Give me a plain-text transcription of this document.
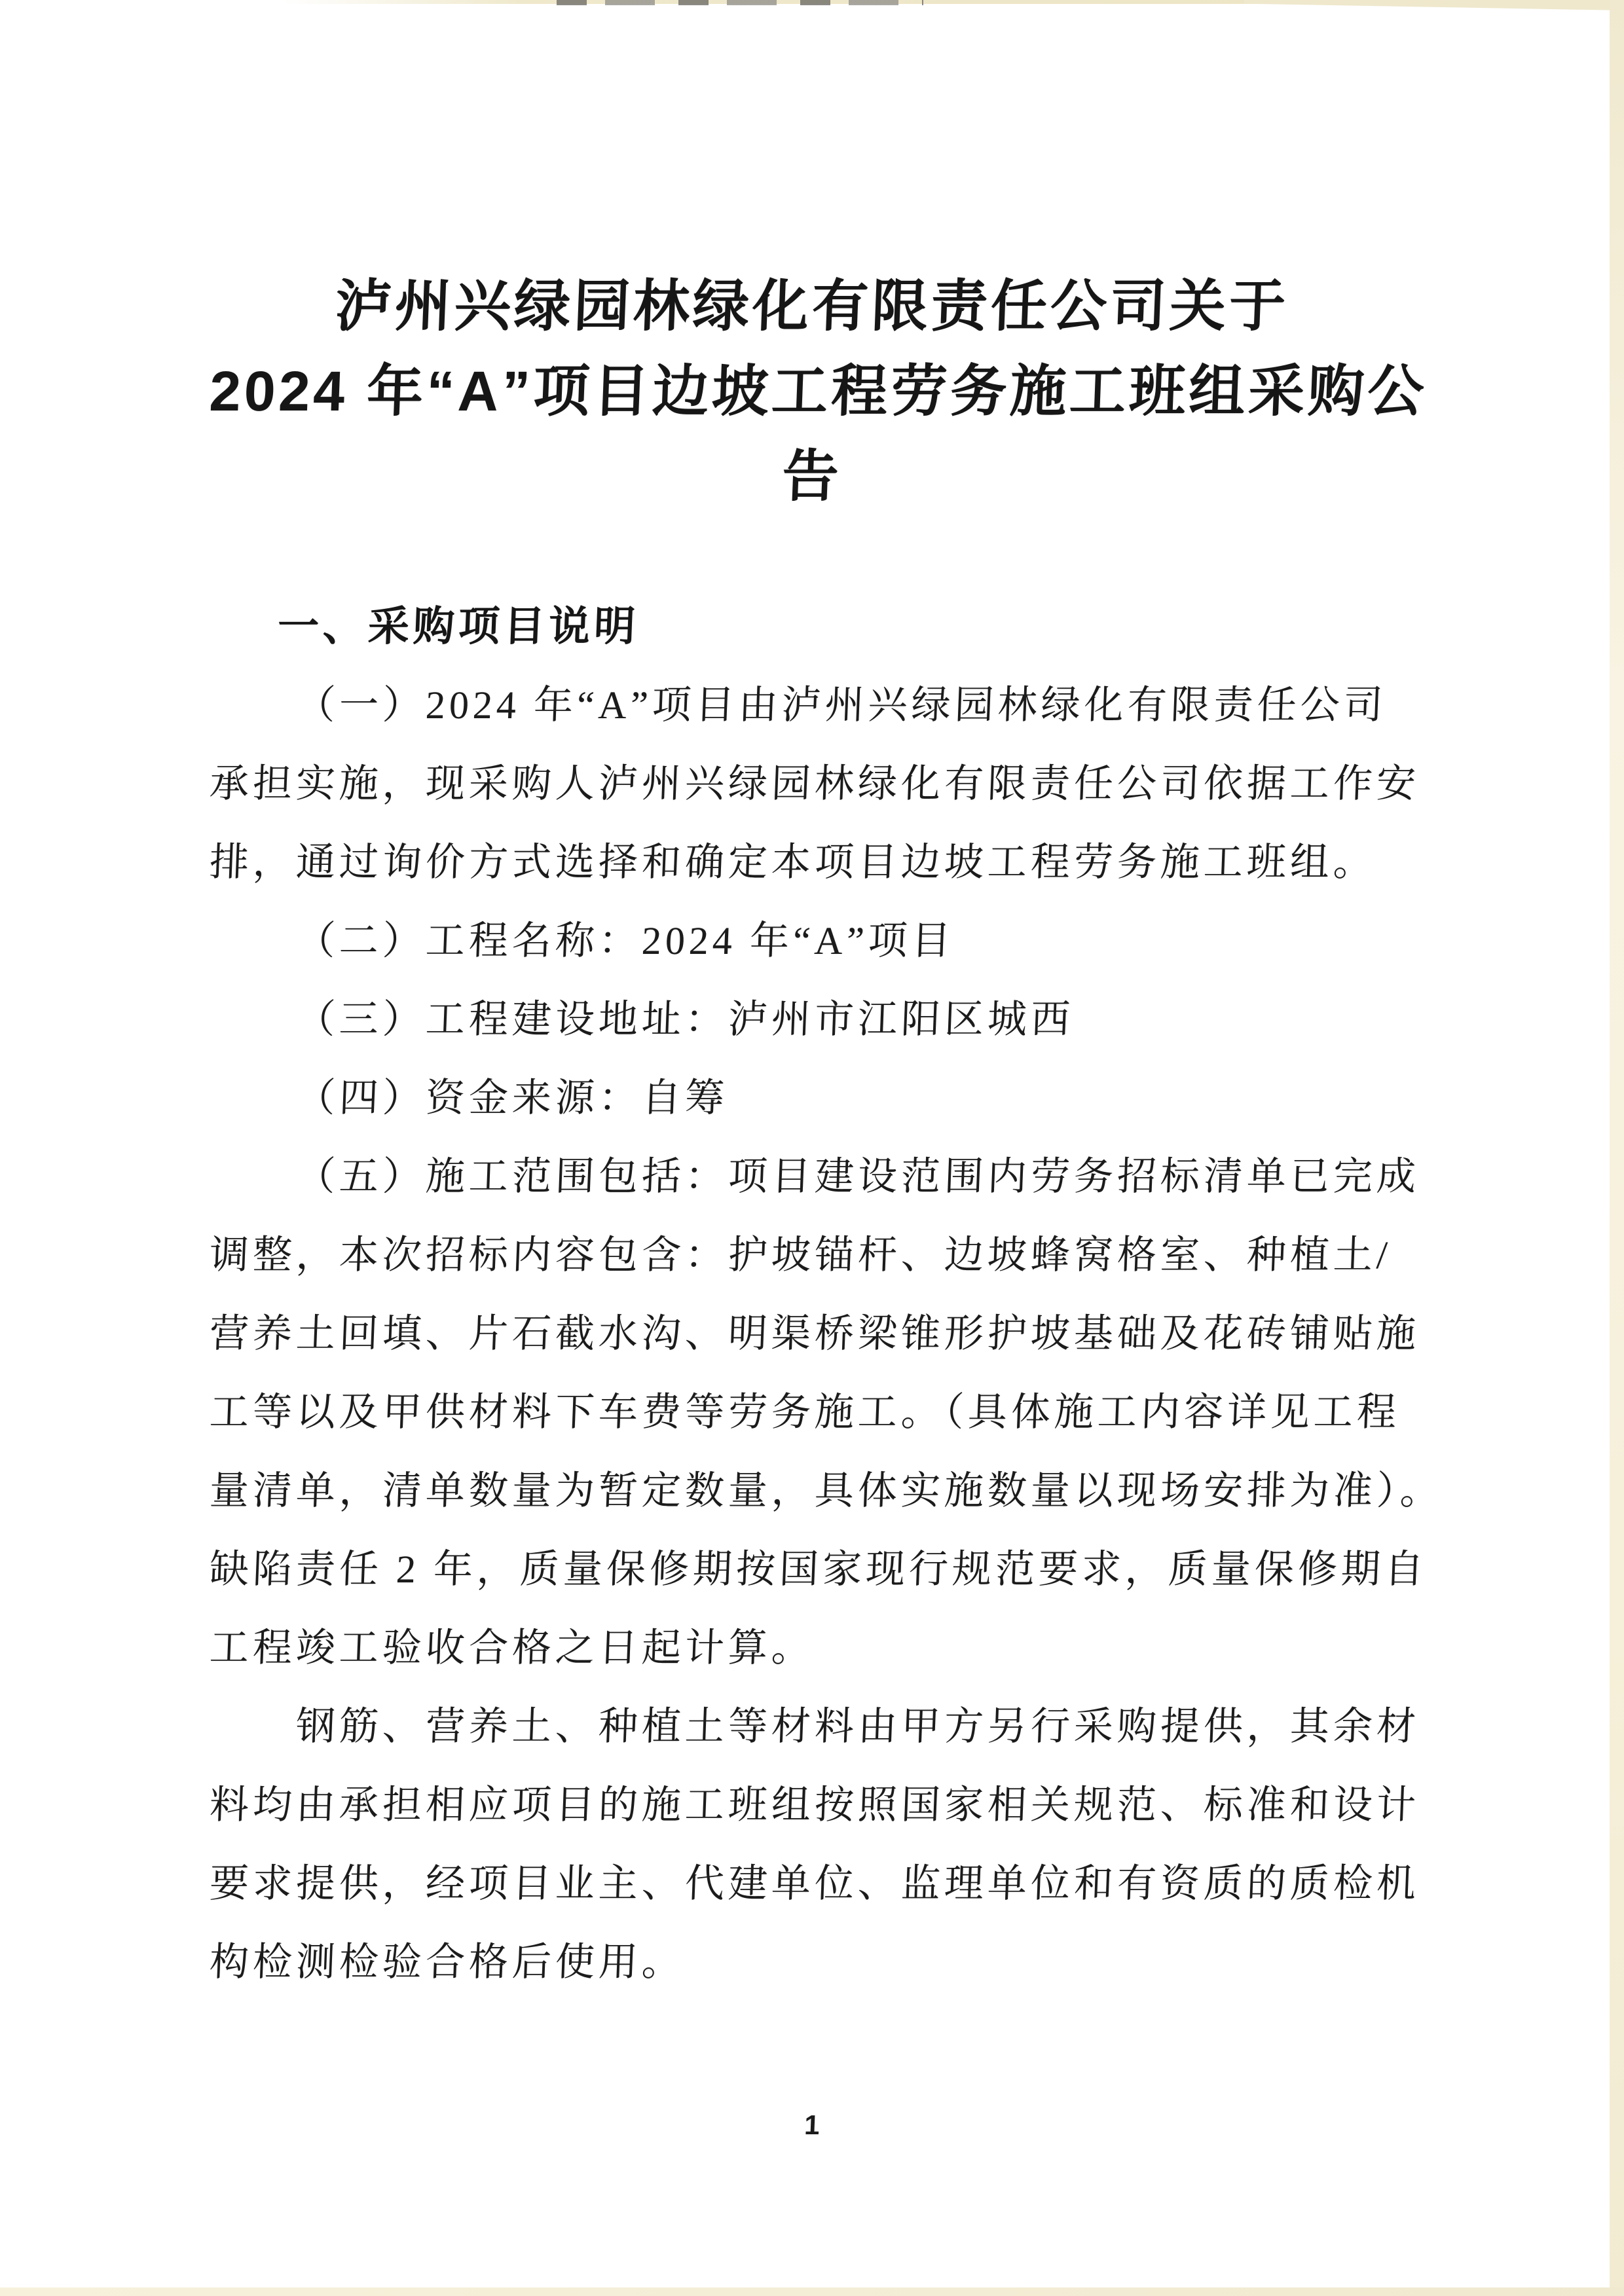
泸州兴绿园林绿化有限责任公司关于
2024 年“A”项目边坡工程劳务施工班组采购公
告
一、采购项目说明
（一）2024 年“A”项目由泸州兴绿园林绿化有限责任公司
承担实施，现采购人泸州兴绿园林绿化有限责任公司依据工作安
排，通过询价方式选择和确定本项目边坡工程劳务施工班组。
（二）工程名称：2024 年“A”项目
（三）工程建设地址：泸州市江阳区城西
（四）资金来源：自筹
（五）施工范围包括：项目建设范围内劳务招标清单已完成
调整，本次招标内容包含：护坡锚杆、边坡蜂窝格室、种植土/
营养土回填、片石截水沟、明渠桥梁锥形护坡基础及花砖铺贴施
工等以及甲供材料下车费等劳务施工。（具体施工内容详见工程
量清单，清单数量为暂定数量，具体实施数量以现场安排为准）。
缺陷责任 2 年，质量保修期按国家现行规范要求，质量保修期自
工程竣工验收合格之日起计算。
钢筋、营养土、种植土等材料由甲方另行采购提供，其余材
料均由承担相应项目的施工班组按照国家相关规范、标准和设计
要求提供，经项目业主、代建单位、监理单位和有资质的质检机
构检测检验合格后使用。
1
